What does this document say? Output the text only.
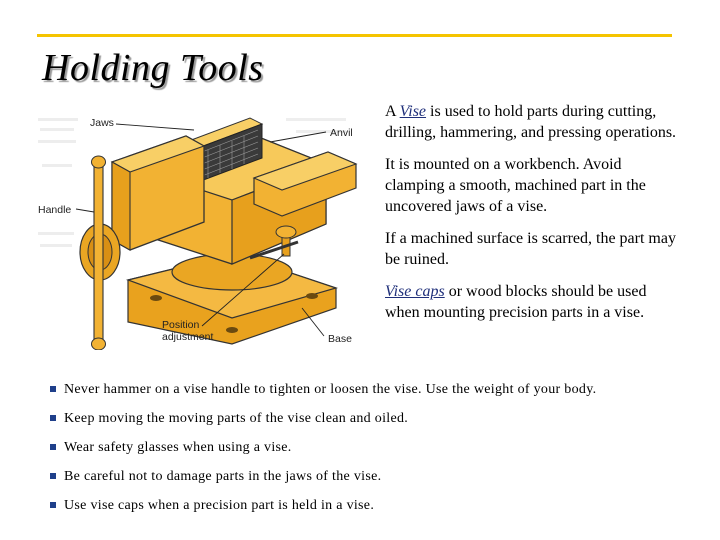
Holding Tools
Jaws
Anvil
Handle
Position adjustment	Base

A Vise is used to hold parts during cutting, drilling, hammering, and pressing operations.

It is mounted on a workbench. Avoid clamping a smooth, machined part in the uncovered jaws of a vise.

If a machined surface is scarred, the part may be ruined.

Vise caps or wood blocks should be used when mounting precision parts in a vise.

Never hammer on a vise handle to tighten or loosen the vise. Use the weight of your body.
Keep moving the moving parts of the vise clean and oiled.
Wear safety glasses when using a vise.
Be careful not to damage parts in the jaws of the vise.
Use vise caps when a precision part is held in a vise.
